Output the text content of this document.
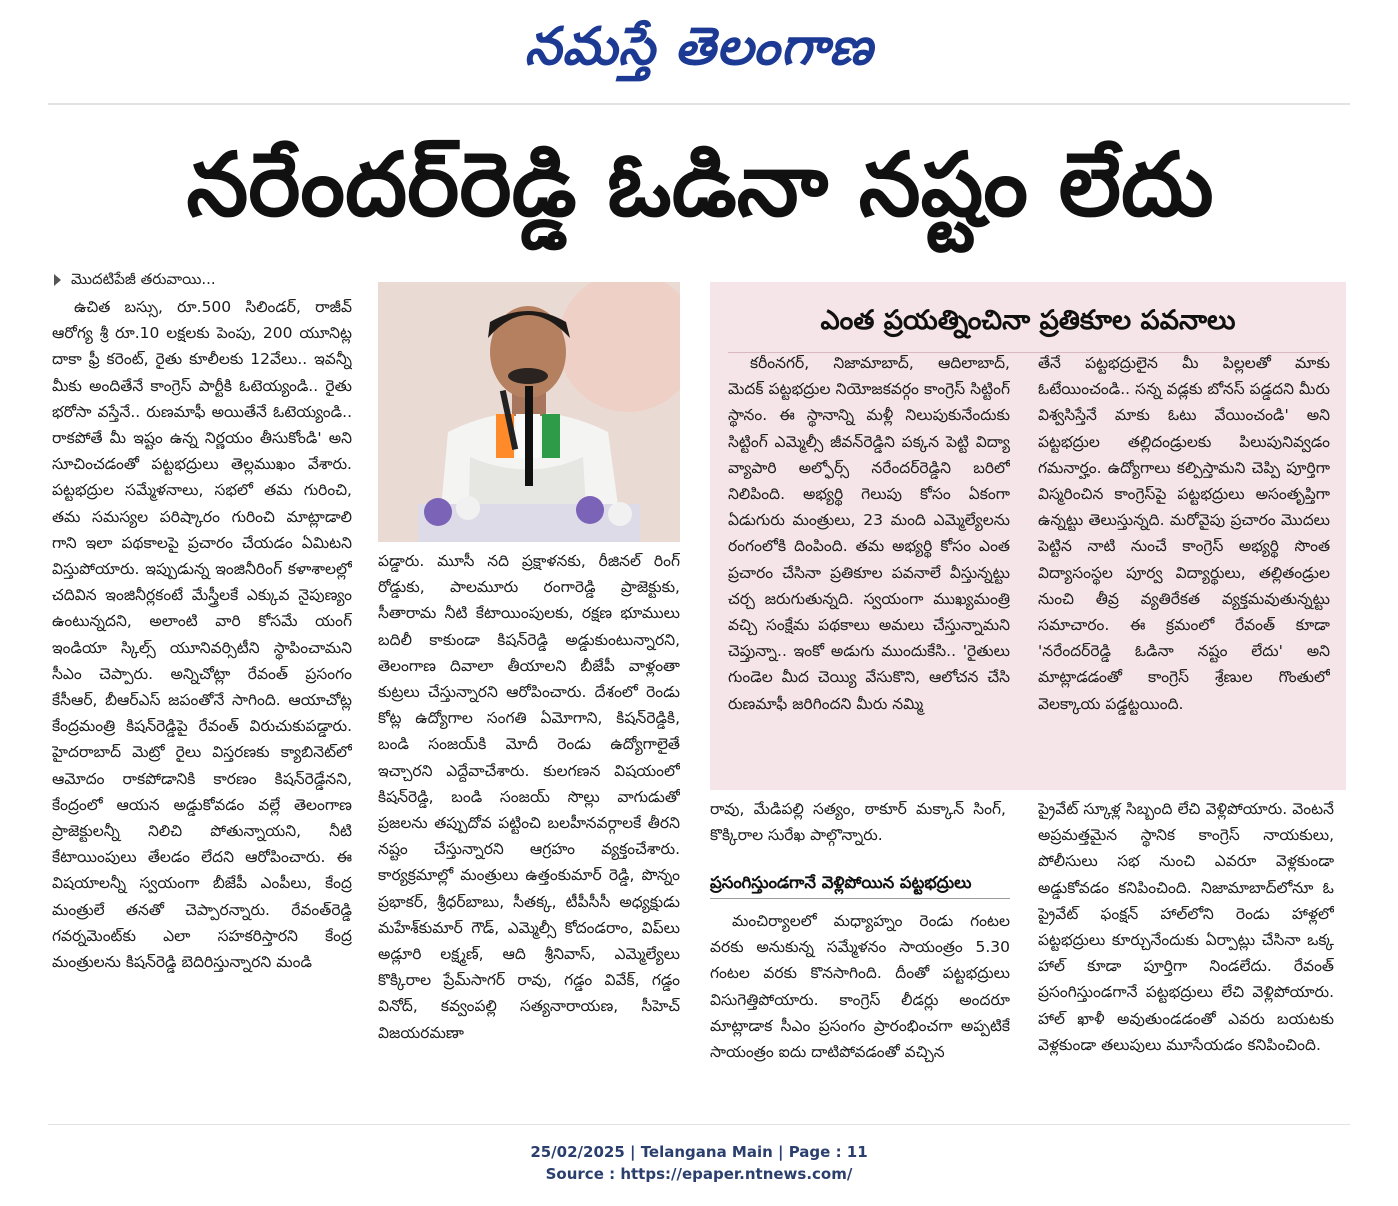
నమస్తే తెలంగాణ
నరేందర్‌రెడ్డి ఓడినా నష్టం లేదు
మొదటిపేజీ తరువాయి...

ఉచిత బస్సు, రూ.500 సిలిండర్, రాజీవ్ ఆరోగ్య శ్రీ రూ.10 లక్షలకు పెంపు, 200 యూనిట్ల దాకా ఫ్రీ కరెంట్, రైతు కూలీలకు 12వేలు.. ఇవన్నీ మీకు అందితేనే కాంగ్రెస్ పార్టీకి ఓటెయ్యండి.. రైతు భరోసా వస్తేనే.. రుణమాఫీ అయితేనే ఓటెయ్యండి.. రాకపోతే మీ ఇష్టం ఉన్న నిర్ణయం తీసుకోండి' అని సూచించడంతో పట్టభద్రులు తెల్లముఖం వేశారు. పట్టభద్రుల సమ్మేళనాలు, సభలో తమ గురించి, తమ సమస్యల పరిష్కారం గురించి మాట్లాడాలి గాని ఇలా పథకాలపై ప్రచారం చేయడం ఏమిటని విస్తుపోయారు. ఇప్పుడున్న ఇంజినీరింగ్ కళాశాలల్లో చదివిన ఇంజినీర్లకంటే మేస్త్రీలకే ఎక్కువ నైపుణ్యం ఉంటున్నదని, అలాంటి వారి కోసమే యంగ్ ఇండియా స్కిల్స్ యూనివర్సిటీని స్థాపించామని సీఎం చెప్పారు. అన్నిచోట్లా రేవంత్ ప్రసంగం కేసీఆర్, బీఆర్‌ఎస్ జపంతోనే సాగింది. ఆయాచోట్ల కేంద్రమంత్రి కిషన్‌రెడ్డిపై రేవంత్ విరుచుకుపడ్డారు. హైదరాబాద్ మెట్రో రైలు విస్తరణకు క్యాబినెట్‌లో ఆమోదం రాకపోడానికి కారణం కిషన్‌రెడ్డేనని, కేంద్రంలో ఆయన అడ్డుకోవడం వల్లే తెలంగాణ ప్రాజెక్టులన్నీ నిలిచి పోతున్నాయని, నీటి కేటాయింపులు తేలడం లేదని ఆరోపించారు. ఈ విషయాలన్నీ స్వయంగా బీజేపీ ఎంపీలు, కేంద్ర మంత్రులే తనతో చెప్పారన్నారు. రేవంత్‌రెడ్డి గవర్నమెంట్‌కు ఎలా సహకరిస్తారని కేంద్ర మంత్రులను కిషన్‌రెడ్డి బెదిరిస్తున్నారని మండి

పడ్డారు. మూసీ నది ప్రక్షాళనకు, రీజినల్ రింగ్ రోడ్డుకు, పాలమూరు రంగారెడ్డి ప్రాజెక్టుకు, సీతారామ నీటి కేటాయింపులకు, రక్షణ భూములు బదిలీ కాకుండా కిషన్‌రెడ్డి అడ్డుకుంటున్నారని, తెలంగాణ దివాలా తీయాలని బీజేపీ వాళ్లంతా కుట్రలు చేస్తున్నారని ఆరోపించారు. దేశంలో రెండు కోట్ల ఉద్యోగాల సంగతి ఏమోగాని, కిషన్‌రెడ్డికి, బండి సంజయ్‌కి మోదీ రెండు ఉద్యోగాలైతే ఇచ్చారని ఎద్దేవాచేశారు. కులగణన విషయంలో కిషన్‌రెడ్డి, బండి సంజయ్ సొల్లు వాగుడుతో ప్రజలను తప్పుదోవ పట్టించి బలహీనవర్గాలకే తీరని నష్టం చేస్తున్నారని ఆగ్రహం వ్యక్తంచేశారు. కార్యక్రమాల్లో మంత్రులు ఉత్తంకుమార్ రెడ్డి, పొన్నం ప్రభాకర్, శ్రీధర్‌బాబు, సీతక్క, టీపీసీసీ అధ్యక్షుడు మహేశ్‌కుమార్ గౌడ్, ఎమ్మెల్సీ కోదండరాం, విప్‌లు అడ్లూరి లక్ష్మణ్, ఆది శ్రీనివాస్, ఎమ్మెల్యేలు కొక్కిరాల ప్రేమ్‌సాగర్ రావు, గడ్డం వివేక్, గడ్డం వినోద్, కవ్వంపల్లి సత్యనారాయణ, సీహెచ్ విజయరమణా

ఎంత ప్రయత్నించినా ప్రతికూల పవనాలు

కరీంనగర్, నిజామాబాద్, ఆదిలాబాద్, మెదక్ పట్టభద్రుల నియోజకవర్గం కాంగ్రెస్ సిట్టింగ్ స్థానం. ఈ స్థానాన్ని మళ్లీ నిలుపుకునేందుకు సిట్టింగ్ ఎమ్మెల్సీ జీవన్‌రెడ్డిని పక్కన పెట్టి విద్యా వ్యాపారి అల్ఫోర్స్ నరేందర్‌రెడ్డిని బరిలో నిలిపింది. అభ్యర్థి గెలుపు కోసం ఏకంగా ఏడుగురు మంత్రులు, 23 మంది ఎమ్మెల్యేలను రంగంలోకి దింపింది. తమ అభ్యర్థి కోసం ఎంత ప్రచారం చేసినా ప్రతికూల పవనాలే వీస్తున్నట్టు చర్చ జరుగుతున్నది. స్వయంగా ముఖ్యమంత్రి వచ్చి సంక్షేమ పథకాలు అమలు చేస్తున్నామని చెప్తున్నా.. ఇంకో అడుగు ముందుకేసి.. 'రైతులు గుండెల మీద చెయ్యి వేసుకొని, ఆలోచన చేసి రుణమాఫీ జరిగిందని మీరు నమ్మి

తేనే పట్టభద్రులైన మీ పిల్లలతో మాకు ఓటేయించండి.. సన్న వడ్లకు బోనస్ పడ్డదని మీరు విశ్వసిస్తేనే మాకు ఓటు వేయించండి' అని పట్టభద్రుల తల్లిదండ్రులకు పిలుపునివ్వడం గమనార్హం. ఉద్యోగాలు కల్పిస్తామని చెప్పి పూర్తిగా విస్మరించిన కాంగ్రెస్‌పై పట్టభద్రులు అసంతృప్తిగా ఉన్నట్టు తెలుస్తున్నది. మరోవైపు ప్రచారం మొదలు పెట్టిన నాటి నుంచే కాంగ్రెస్ అభ్యర్థి సొంత విద్యాసంస్థల పూర్వ విద్యార్థులు, తల్లితండ్రుల నుంచి తీవ్ర వ్యతిరేకత వ్యక్తమవుతున్నట్టు సమాచారం. ఈ క్రమంలో రేవంత్ కూడా 'నరేందర్‌రెడ్డి ఓడినా నష్టం లేదు' అని మాట్లాడడంతో కాంగ్రెస్ శ్రేణుల గొంతులో వెలక్కాయ పడ్డట్టయింది.

రావు, మేడిపల్లి సత్యం, ఠాకూర్ మక్కాన్ సింగ్, కొక్కిరాల సురేఖ పాల్గొన్నారు.

ప్రసంగిస్తుండగానే వెళ్లిపోయిన పట్టభద్రులు

మంచిర్యాలలో మధ్యాహ్నం రెండు గంటల వరకు అనుకున్న సమ్మేళనం సాయంత్రం 5.30 గంటల వరకు కొనసాగింది. దీంతో పట్టభద్రులు విసుగెత్తిపోయారు. కాంగ్రెస్ లీడర్లు అందరూ మాట్లాడాక సీఎం ప్రసంగం ప్రారంభించగా అప్పటికే సాయంత్రం ఐదు దాటిపోవడంతో వచ్చిన

ప్రైవేట్ స్కూళ్ల సిబ్బంది లేచి వెళ్లిపోయారు. వెంటనే అప్రమత్తమైన స్థానిక కాంగ్రెస్ నాయకులు, పోలీసులు సభ నుంచి ఎవరూ వెళ్లకుండా అడ్డుకోవడం కనిపించింది. నిజామాబాద్‌లోనూ ఓ ప్రైవేట్ ఫంక్షన్ హాల్‌లోని రెండు హాళ్లలో పట్టభద్రులు కూర్చునేందుకు ఏర్పాట్లు చేసినా ఒక్క హాల్ కూడా పూర్తిగా నిండలేదు. రేవంత్ ప్రసంగిస్తుండగానే పట్టభద్రులు లేచి వెళ్లిపోయారు. హాల్ ఖాళీ అవుతుండడంతో ఎవరు బయటకు వెళ్లకుండా తలుపులు మూసేయడం కనిపించింది.

25/02/2025 | Telangana Main | Page : 11
Source : https://epaper.ntnews.com/
